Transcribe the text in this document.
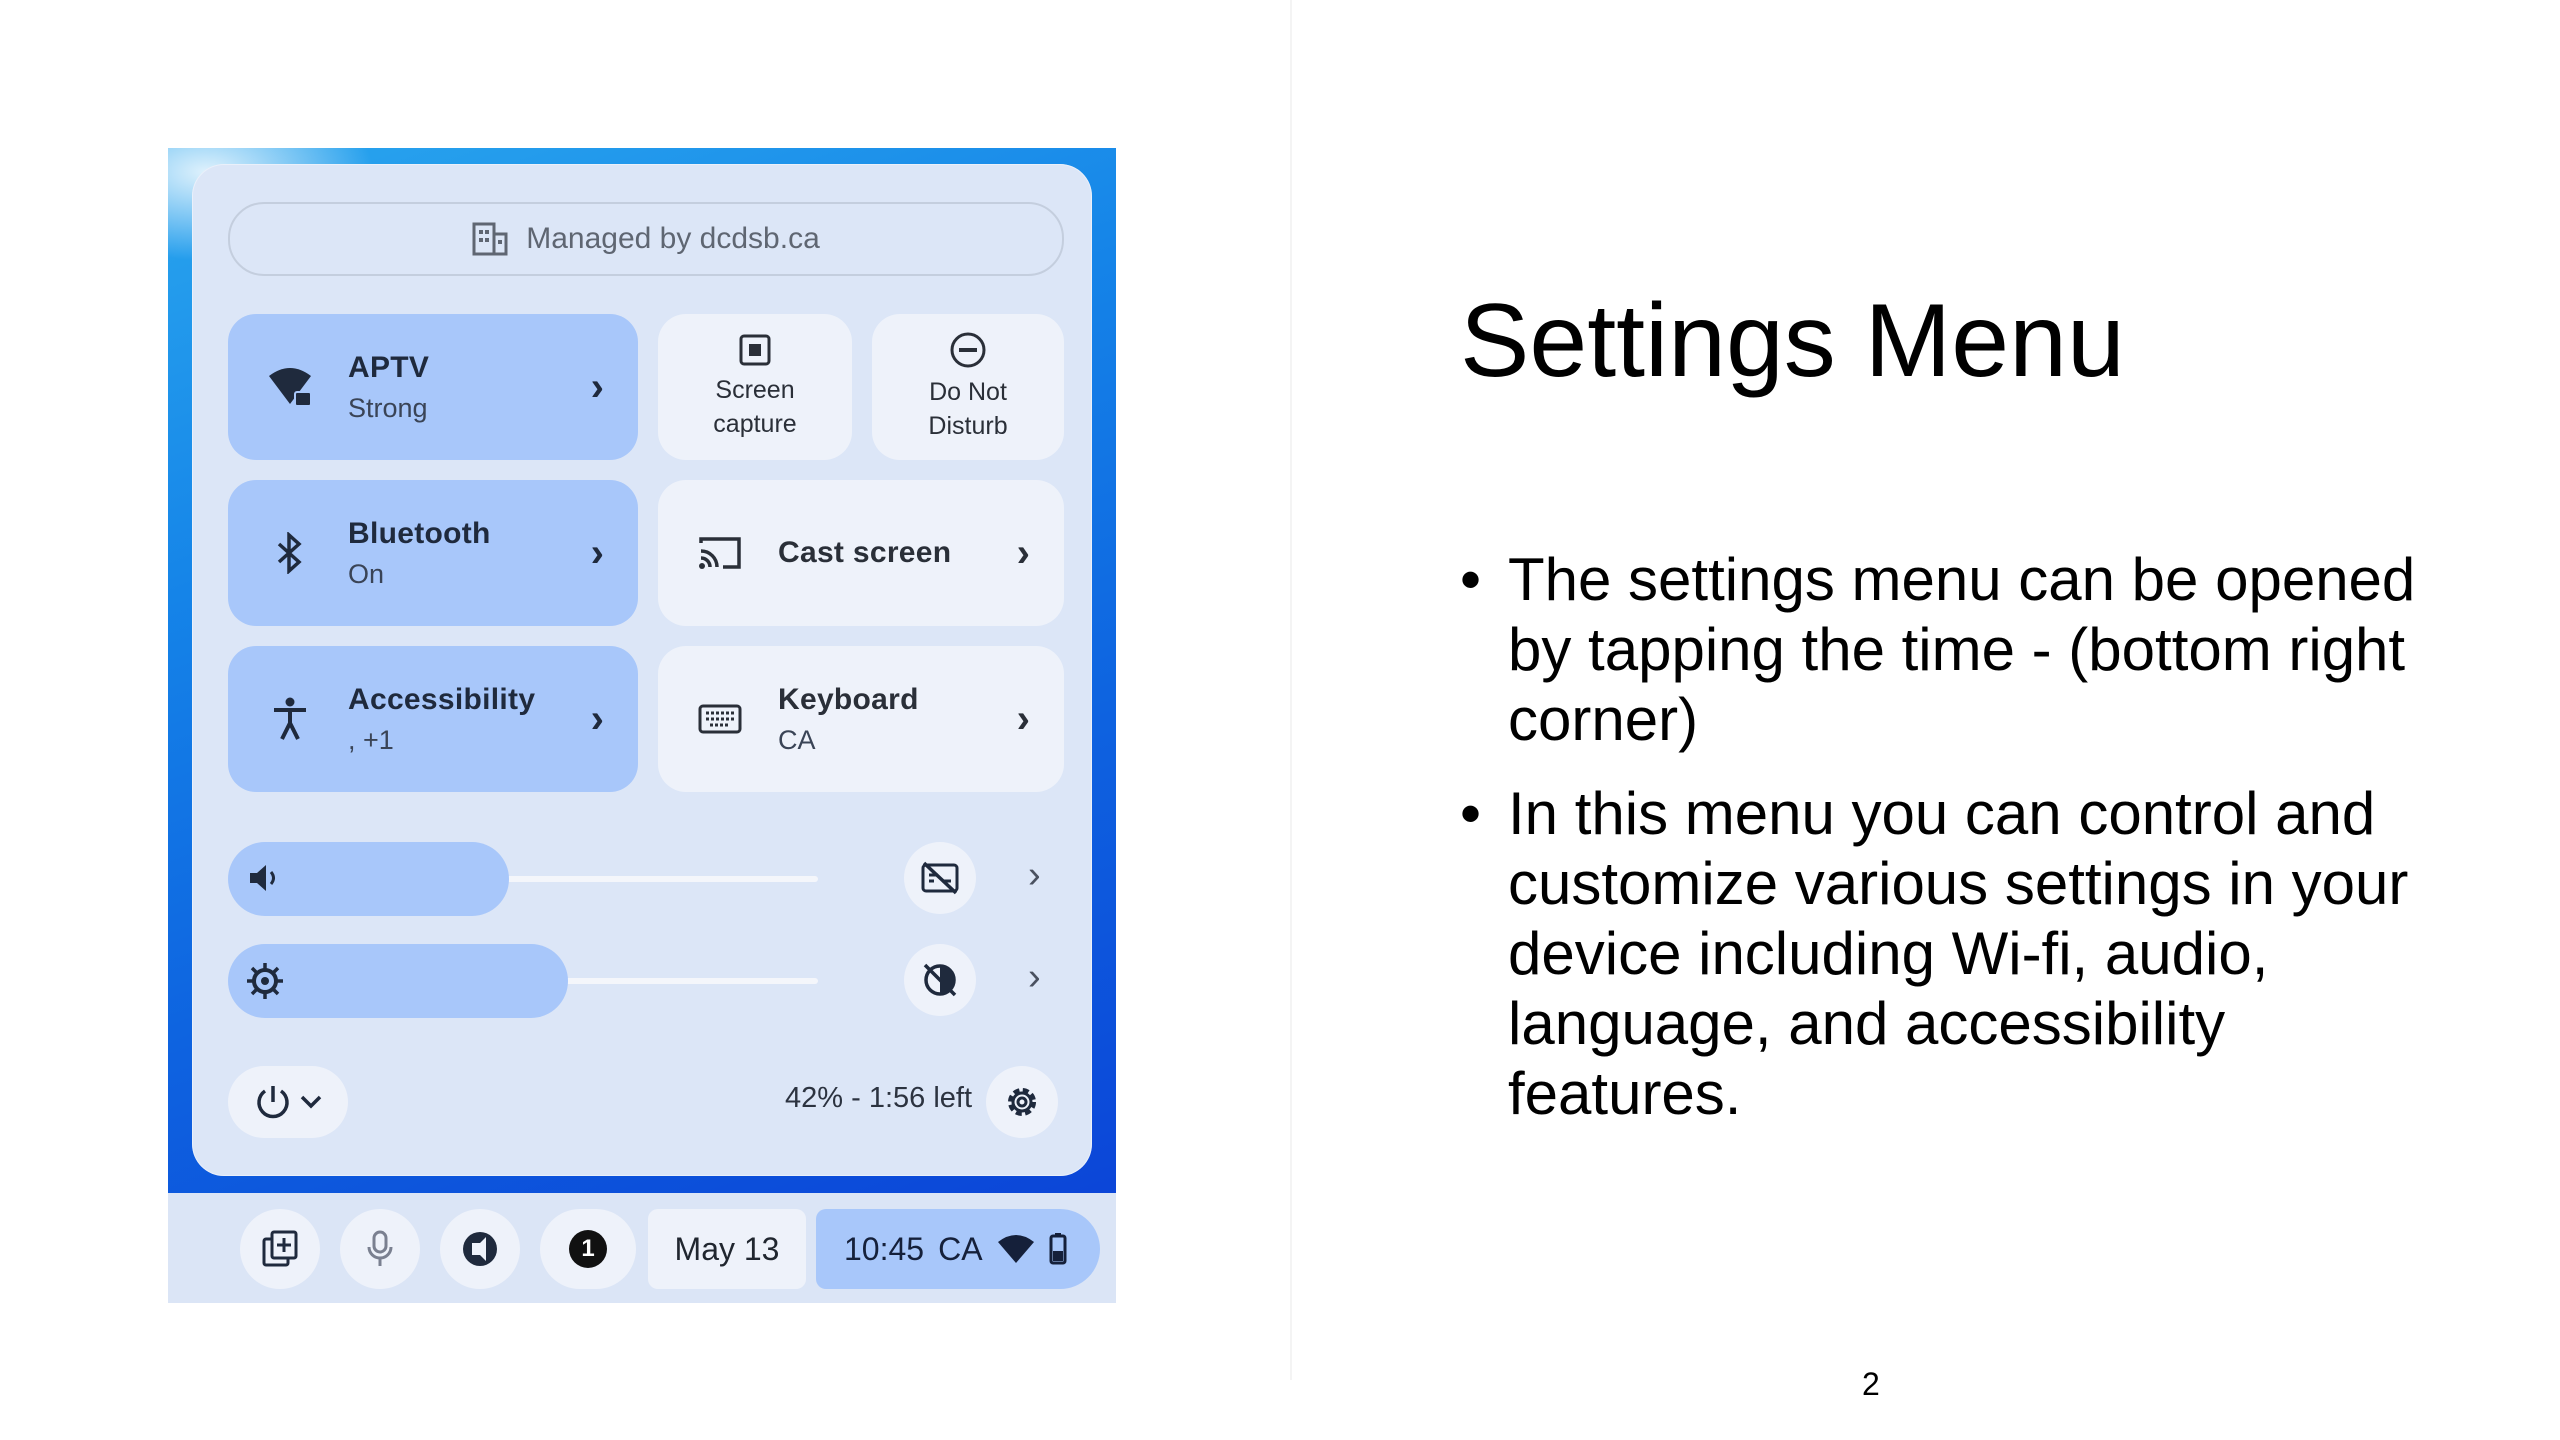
Managed by dcdsb.ca
APTV
Strong	›	Screen
capture
Do Not
Disturb
Bluetooth
On	›	Cast screen	›
Accessibility
, +1	›	Keyboard
CA	›
›
›
42% - 1:56 left
1	May 13	10:45 CA
Settings Menu
• The settings menu can be opened by tapping the time - (bottom right corner)
• In this menu you can control and customize various settings in your device including Wi-fi, audio, language, and accessibility features.
2
